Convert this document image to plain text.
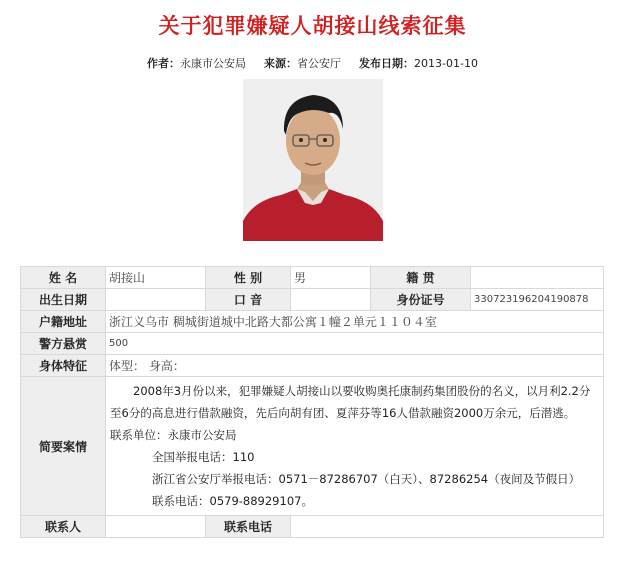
关于犯罪嫌疑人胡接山线索征集
作者：永康市公安局 来源：省公安厅 发布日期：2013-01-10
姓 名	胡接山	性 别	男	籍 贯	
出生日期		口 音		身份证号	330723196204190878
户籍地址	浙江义乌市 稠城街道城中北路大都公寓１幢２单元１１０４室				
警方悬赏	500				
身体特征	体型： 身高：				
简要案情	2008年3月份以来，犯罪嫌疑人胡接山以要收购奥托康制药集团股份的名义，以月利2.2分至6分的高息进行借款融资，先后向胡有团、夏萍芬等16人借款融资2000万余元，后潜逃。

联系单位：永康市公安局

全国举报电话：110

浙江省公安厅举报电话：0571－87286707（白天）、87286254（夜间及节假日）

联系电话：0579-88929107。				

联系人		联系电话			
